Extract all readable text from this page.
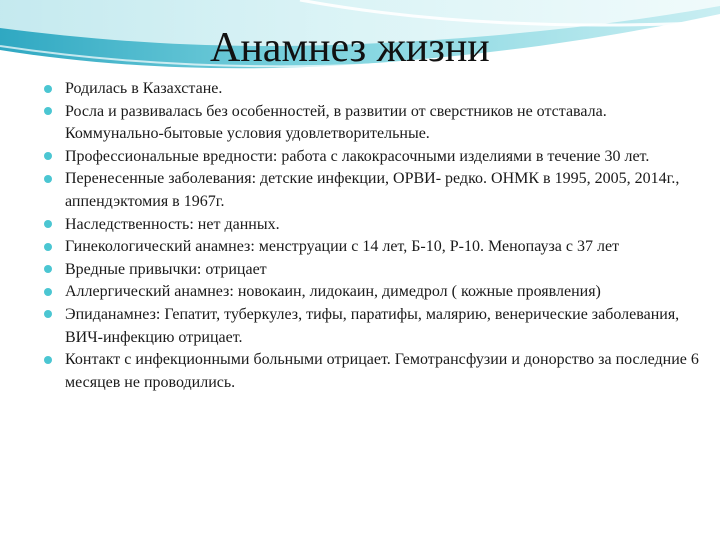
Анамнез жизни
Родилась в Казахстане.
Росла и развивалась без особенностей, в развитии от сверстников не отставала. Коммунально-бытовые условия удовлетворительные.
Профессиональные вредности: работа с лакокрасочными изделиями в течение 30 лет.
Перенесенные заболевания: детские инфекции, ОРВИ- редко. ОНМК в 1995, 2005, 2014г., аппендэктомия в 1967г.
Наследственность: нет данных.
Гинекологический анамнез: менструации с 14 лет, Б-10, Р-10. Менопауза с 37 лет
Вредные привычки: отрицает
Аллергический анамнез: новокаин, лидокаин, димедрол ( кожные проявления)
Эпиданамнез: Гепатит, туберкулез, тифы, паратифы, малярию, венерические заболевания, ВИЧ-инфекцию отрицает.
Контакт с инфекционными больными отрицает. Гемотрансфузии и донорство за последние 6 месяцев не проводились.
